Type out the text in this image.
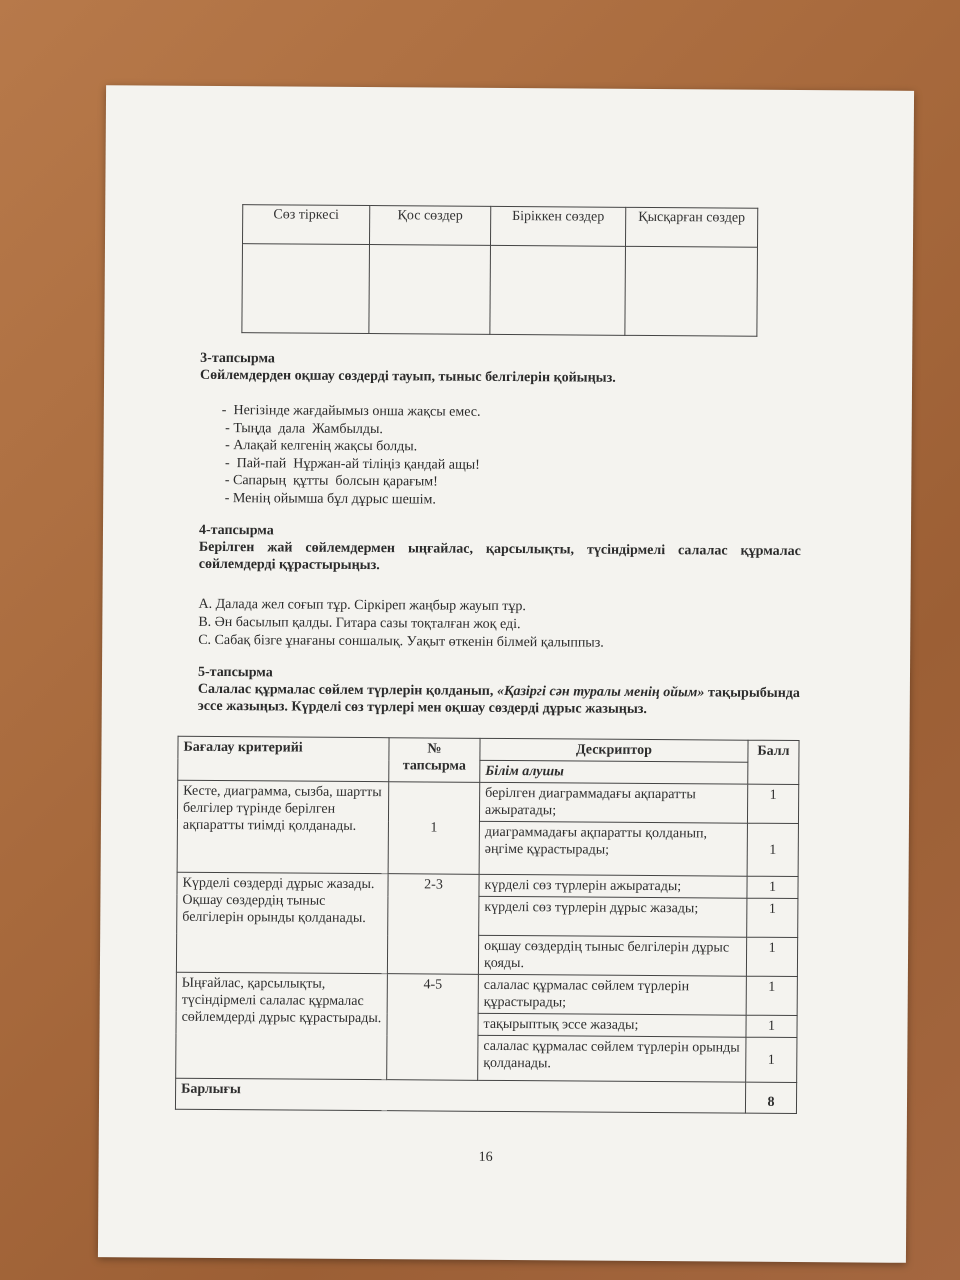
Сөз тіркесі	Қос сөздер	Біріккен сөздер	Қысқарған сөздер

3-тапсырма
Сөйлемдерден оқшау сөздерді тауып, тыныс белгілерін қойыңыз.
-  Негізінде жағдайымыз онша жақсы емес.
- Тыңда  дала  Жамбылды.
- Алақай келгенің жақсы болды.
-  Пай-пай  Нұржан-ай тіліңіз қандай ащы!
- Сапарың  құтты  болсын қарағым!
- Менің ойымша бұл дұрыс шешім.
4-тапсырма
Берілген жай сөйлемдермен ыңғайлас, қарсылықты, түсіндірмелі салалас құрмалас сөйлемдерді құрастырыңыз.
А. Далада жел соғып тұр. Сіркіреп жаңбыр жауып тұр.
В. Ән басылып қалды. Гитара сазы тоқталған жоқ еді.
С. Сабақ бізге ұнағаны соншалық. Уақыт өткенін білмей қалыппыз.
5-тапсырма
Салалас құрмалас сөйлем түрлерін қолданып, «Қазіргі сән туралы менің ойым» тақырыбында эссе жазыңыз. Күрделі сөз түрлері мен оқшау сөздерді дұрыс жазыңыз.
Бағалау критерийі	№ тапсырма	Дескриптор	Балл
		Білім алушы	
Кесте, диаграмма, сызба, шартты белгілер түрінде берілген ақпаратты тиімді қолданады.	1	берілген диаграммадағы ақпаратты ажыратады;	1
		диаграммадағы ақпаратты қолданып, әңгіме құрастырады;	1
Күрделі сөздерді дұрыс жазады. Оқшау сөздердің тыныс белгілерін орынды қолданады.	2-3	күрделі сөз түрлерін ажыратады;	1
		күрделі сөз түрлерін дұрыс жазады;	1
		оқшау сөздердің тыныс белгілерін дұрыс қояды.	1
Ыңғайлас, қарсылықты, түсіндірмелі салалас құрмалас сөйлемдерді дұрыс құрастырады.	4-5	салалас құрмалас сөйлем түрлерін құрастырады;	1
		тақырыптық эссе жазады;	1
		салалас құрмалас сөйлем түрлерін орынды қолданады.	1
Барлығы			8
16
